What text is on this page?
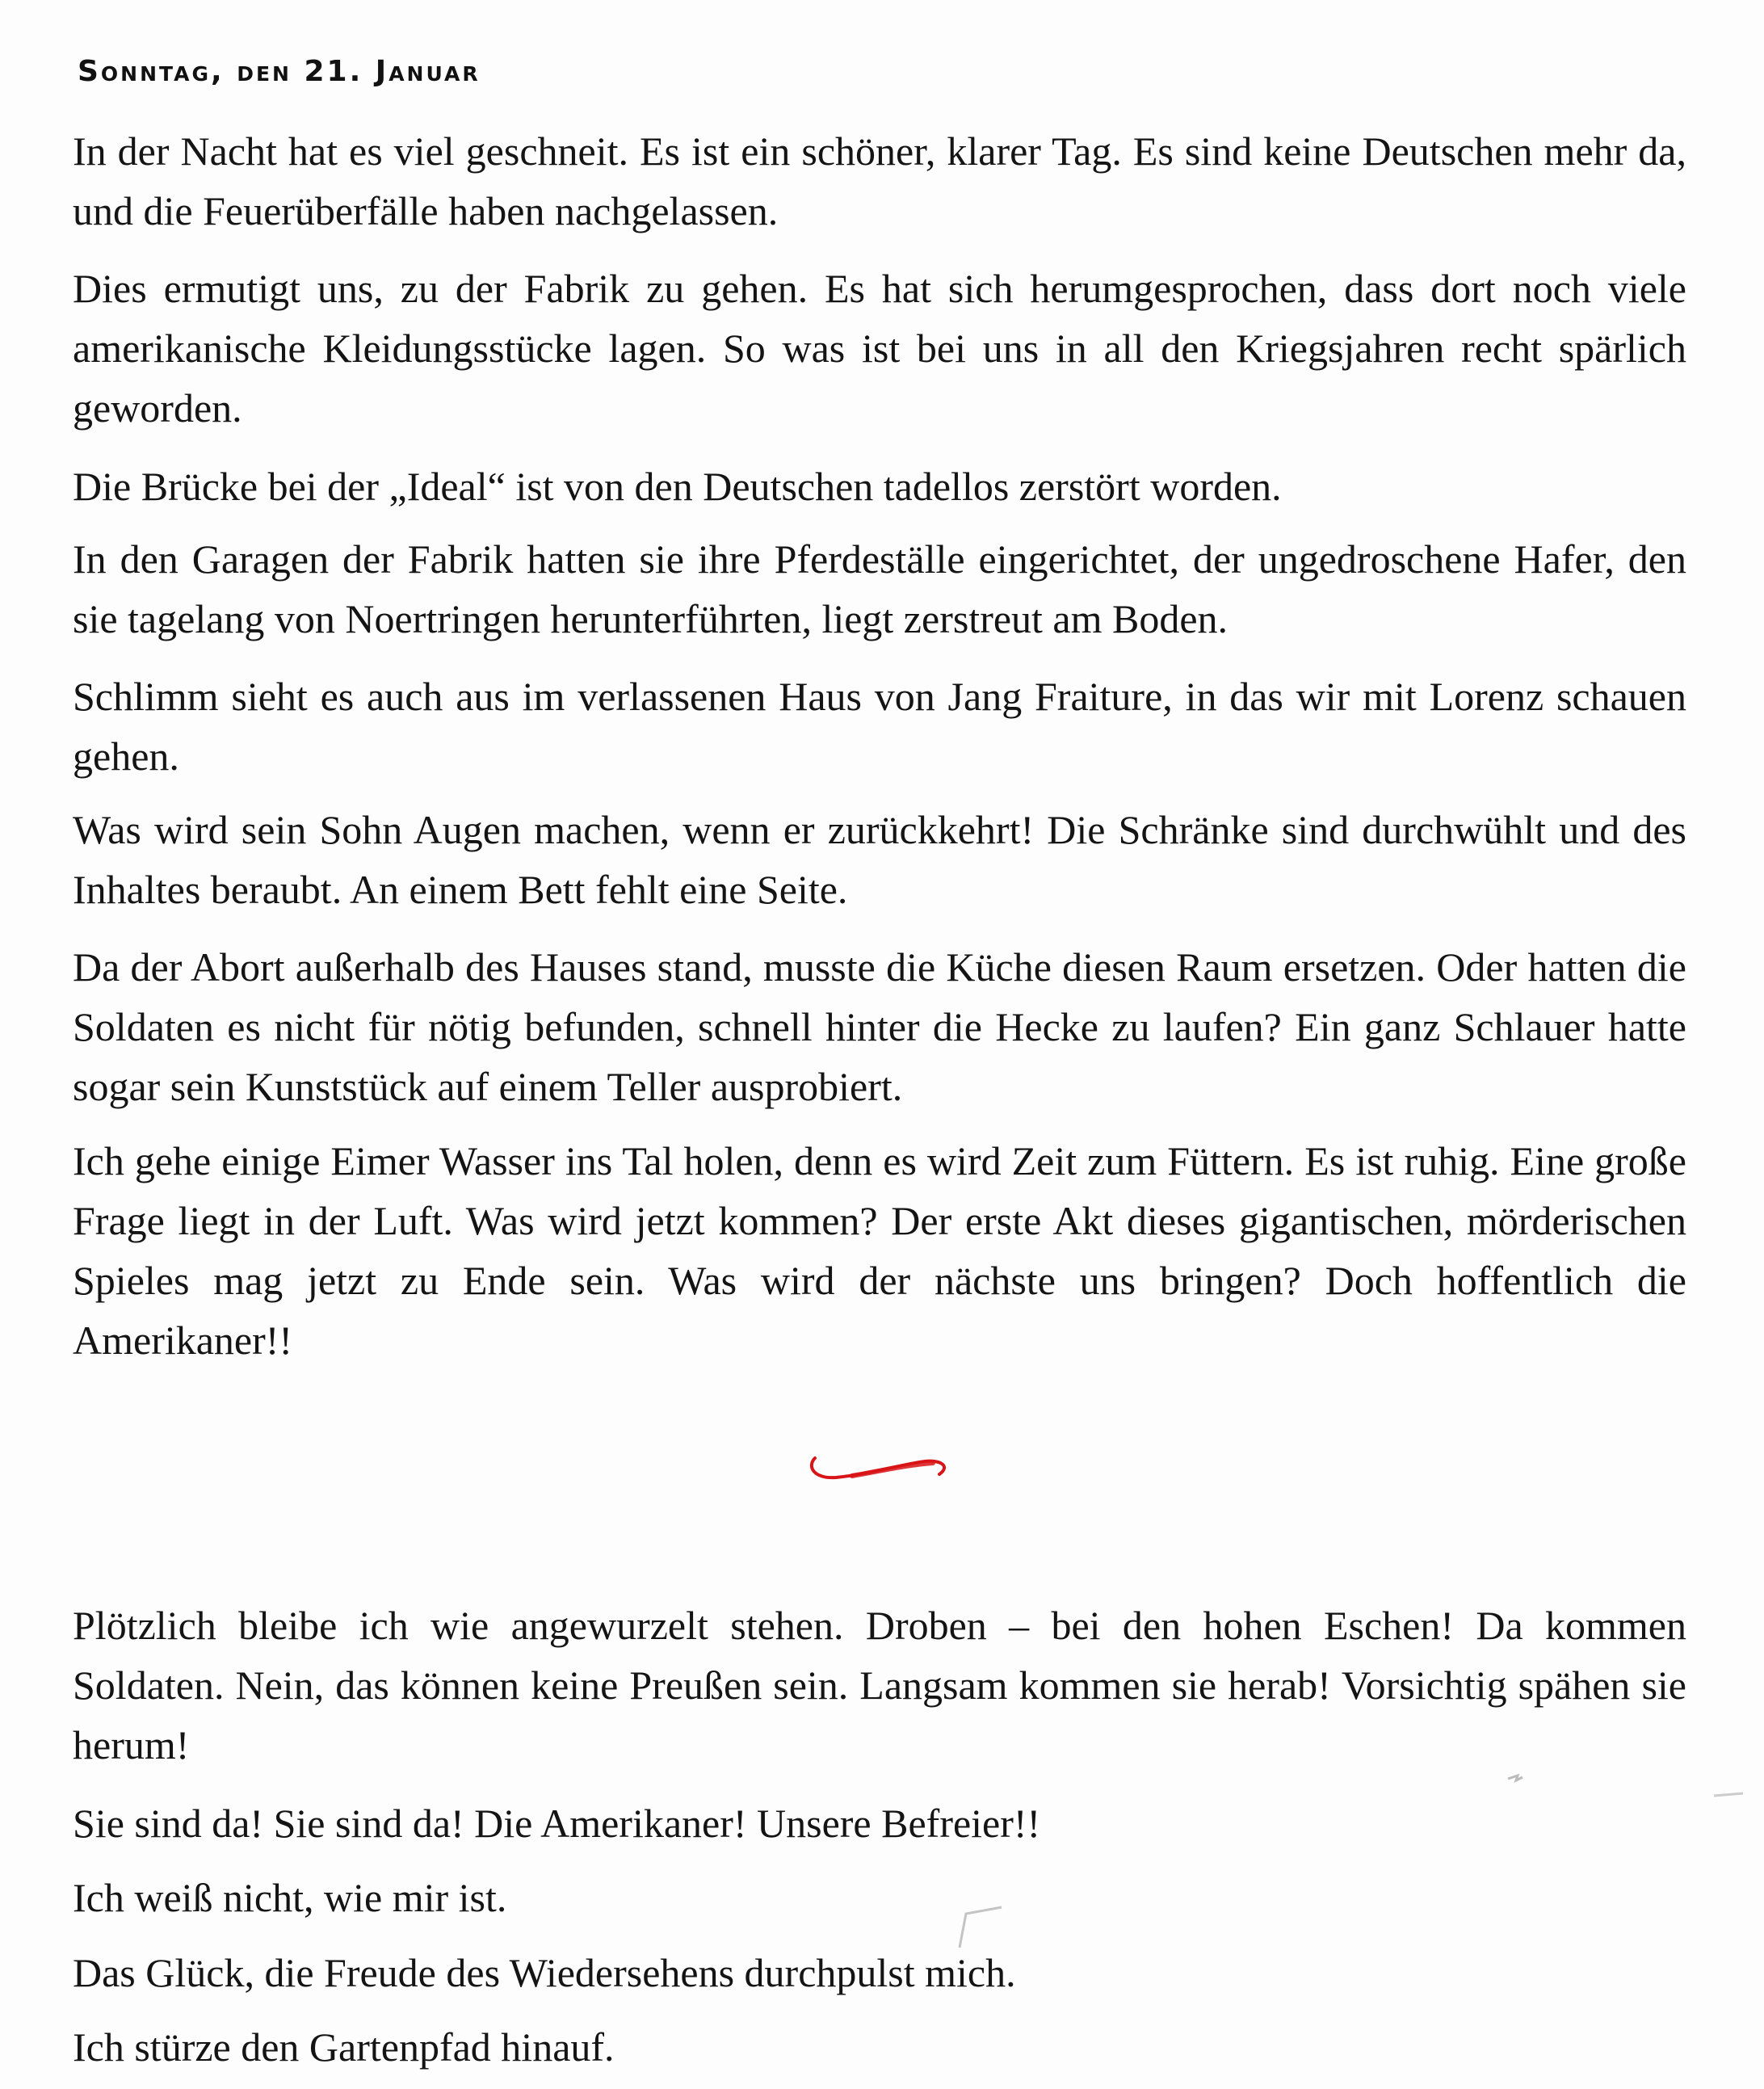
Sonntag, den 21. Januar

In der Nacht hat es viel geschneit. Es ist ein schöner, klarer Tag. Es sind keine Deutschen mehr da, und die Feuerüberfälle haben nachgelassen.

Dies ermutigt uns, zu der Fabrik zu gehen. Es hat sich herumgesprochen, dass dort noch viele amerikanische Kleidungsstücke lagen. So was ist bei uns in all den Kriegsjahren recht spärlich geworden.

Die Brücke bei der „Ideal“ ist von den Deutschen tadellos zerstört worden.

In den Garagen der Fabrik hatten sie ihre Pferdeställe eingerichtet, der ungedroschene Hafer, den sie tagelang von Noertringen herunterführten, liegt zerstreut am Boden.

Schlimm sieht es auch aus im verlassenen Haus von Jang Fraiture, in das wir mit Lorenz schauen gehen.

Was wird sein Sohn Augen machen, wenn er zurückkehrt! Die Schränke sind durchwühlt und des Inhaltes beraubt. An einem Bett fehlt eine Seite.

Da der Abort außerhalb des Hauses stand, musste die Küche diesen Raum ersetzen. Oder hatten die Soldaten es nicht für nötig befunden, schnell hinter die Hecke zu laufen? Ein ganz Schlauer hatte sogar sein Kunststück auf einem Teller ausprobiert.

Ich gehe einige Eimer Wasser ins Tal holen, denn es wird Zeit zum Füttern. Es ist ruhig. Eine große Frage liegt in der Luft. Was wird jetzt kommen? Der erste Akt dieses gigantischen, mörderischen Spieles mag jetzt zu Ende sein. Was wird der nächste uns bringen? Doch hoffentlich die Amerikaner!!

Plötzlich bleibe ich wie angewurzelt stehen. Droben – bei den hohen Eschen! Da kommen Soldaten. Nein, das können keine Preußen sein. Langsam kommen sie herab! Vorsichtig spähen sie herum!

Sie sind da! Sie sind da! Die Amerikaner! Unsere Befreier!!

Ich weiß nicht, wie mir ist.

Das Glück, die Freude des Wiedersehens durchpulst mich.

Ich stürze den Gartenpfad hinauf.
